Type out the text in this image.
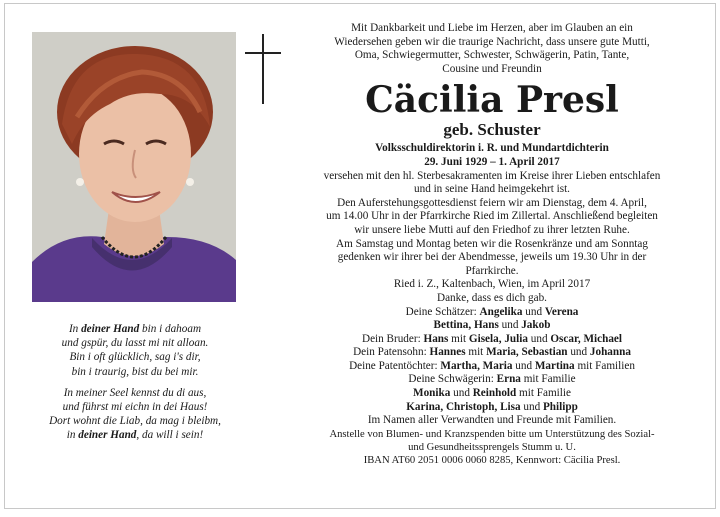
In deiner Hand bin i dahoam
und gspür, du lasst mi nit alloan.
Bin i oft glücklich, sag i's dir,
bin i traurig, bist du bei mir.
In meiner Seel kennst du di aus,
und führst mi eichn in dei Haus!
Dort wohnt die Liab, da mag i bleibm,
in deiner Hand, da will i sein!
Mit Dankbarkeit und Liebe im Herzen, aber im Glauben an ein
Wiedersehen geben wir die traurige Nachricht, dass unsere gute Mutti,
Oma, Schwiegermutter, Schwester, Schwägerin, Patin, Tante,
Cousine und Freundin
Cäcilia Presl
geb. Schuster
Volksschuldirektorin i. R. und Mundartdichterin
29. Juni 1929 – 1. April 2017
versehen mit den hl. Sterbesakramenten im Kreise ihrer Lieben entschlafen
und in seine Hand heimgekehrt ist.
Den Auferstehungsgottesdienst feiern wir am Dienstag, dem 4. April,
um 14.00 Uhr in der Pfarrkirche Ried im Zillertal. Anschließend begleiten
wir unsere liebe Mutti auf den Friedhof zu ihrer letzten Ruhe.
Am Samstag und Montag beten wir die Rosenkränze und am Sonntag
gedenken wir ihrer bei der Abendmesse, jeweils um 19.30 Uhr in der
Pfarrkirche.
Ried i. Z., Kaltenbach, Wien, im April 2017
Danke, dass es dich gab.
Deine Schätzer: Angelika und Verena
Bettina, Hans und Jakob
Dein Bruder: Hans mit Gisela, Julia und Oscar, Michael
Dein Patensohn: Hannes mit Maria, Sebastian und Johanna
Deine Patentöchter: Martha, Maria und Martina mit Familien
Deine Schwägerin: Erna mit Familie
Monika und Reinhold mit Familie
Karina, Christoph, Lisa und Philipp
Im Namen aller Verwandten und Freunde mit Familien.
Anstelle von Blumen- und Kranzspenden bitte um Unterstützung des Sozial-
und Gesundheitssprengels Stumm u. U.
IBAN AT60 2051 0006 0060 8285, Kennwort: Cäcilia Presl.
